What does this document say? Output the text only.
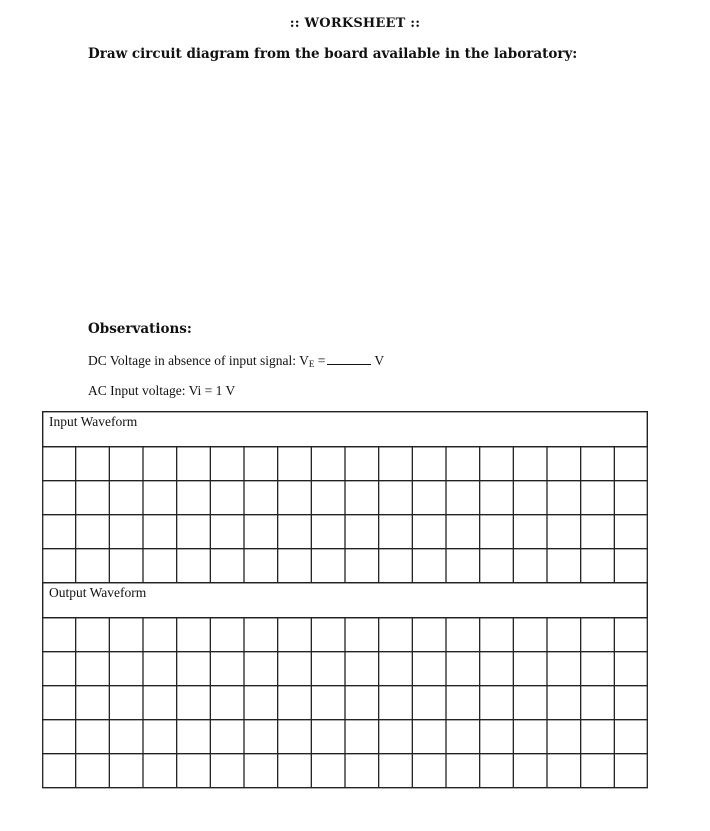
:: WORKSHEET ::
Draw circuit diagram from the board available in the laboratory:
Observations:
DC Voltage in absence of input signal: $V_E$ =	V
AC Input voltage: Vi = 1 V
Input Waveform
Output Waveform
